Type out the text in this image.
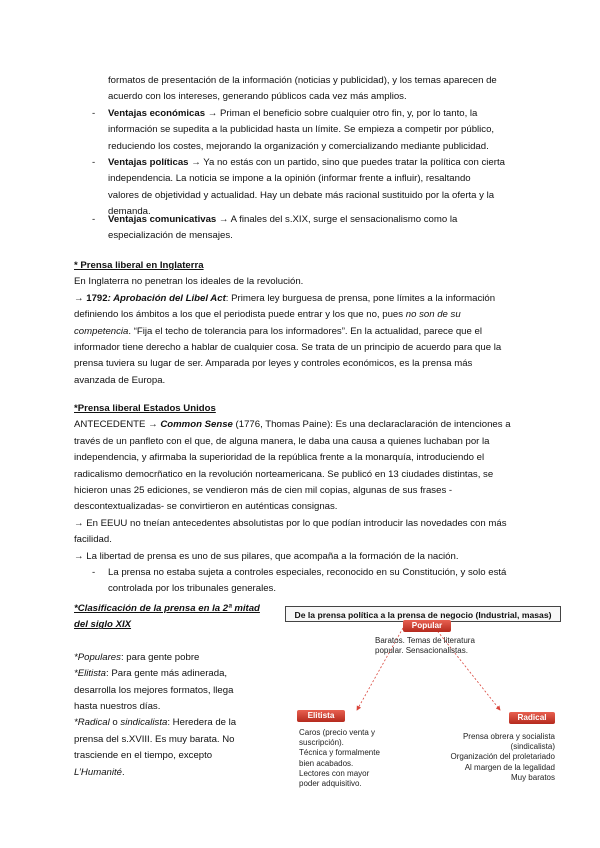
formatos de presentación de la información (noticias y publicidad), y los temas aparecen de
acuerdo con los intereses, generando públicos cada vez más amplios.
-	Ventajas económicas → Priman el beneficio sobre cualquier otro fin, y, por lo tanto, la
información se supedita a la publicidad hasta un límite. Se empieza a competir por público,
reduciendo los costes, mejorando la organización y comercializando mediante publicidad.
-	Ventajas políticas → Ya no estás con un partido, sino que puedes tratar la política con cierta
independencia. La noticia se impone a la opinión (informar frente a influir), resaltando
valores de objetividad y actualidad. Hay un debate más racional sustituido por la oferta y la
demanda.
-	Ventajas comunicativas → A finales del s.XIX, surge el sensacionalismo como la
especialización de mensajes.
* Prensa liberal en Inglaterra
En Inglaterra no penetran los ideales de la revolución.
→ 1792: Aprobación del Libel Act: Primera ley burguesa de prensa, pone límites a la información
definiendo los ámbitos a los que el periodista puede entrar y los que no, pues no son de su
competencia. “Fija el techo de tolerancia para los informadores”. En la actualidad, parece que el
informador tiene derecho a hablar de cualquier cosa. Se trata de un principio de acuerdo para que la
prensa tuviera su lugar de ser. Amparada por leyes y controles económicos, es la prensa más
avanzada de Europa.
*Prensa liberal Estados Unidos
ANTECEDENTE → Common Sense (1776, Thomas Paine): Es una declaraclaración de intenciones a
través de un panfleto con el que, de alguna manera, le daba una causa a quienes luchaban por la
independencia, y afirmaba la superioridad de la república frente a la monarquía, introduciendo el
radicalismo democrñatico en la revolución norteamericana. Se publicó en 13 ciudades distintas, se
hicieron unas 25 ediciones, se vendieron más de cien mil copias, algunas de sus frases -
descontextualizadas- se convirtieron en auténticas consignas.
→ En EEUU no tneían antecedentes absolutistas por lo que podían introducir las novedades con más
facilidad.
→ La libertad de prensa es uno de sus pilares, que acompaña a la formación de la nación.
- La prensa no estaba sujeta a controles especiales, reconocido en su Constitución, y solo está
controlada por los tribunales generales.
*Clasificación de la prensa en la 2ª mitad
del siglo XIX
*Populares: para gente pobre
*Elitista: Para gente más adinerada,
desarrolla los mejores formatos, llega
hasta nuestros días.
*Radical o sindicalista: Heredera de la
prensa del s.XVIII. Es muy barata. No
trasciende en el tiempo, excepto
L’Humanité.
De la prensa política a la prensa de negocio (Industrial, masas)
Popular
Baratos. Temas de literatura
popular. Sensacionalistas.
Elitista
Caros (precio venta y
suscripción).
Técnica y formalmente
bien acabados.
Lectores con mayor
poder adquisitivo.
Radical
Prensa obrera y socialista
(sindicalista)
Organización del proletariado
Al margen de la legalidad
Muy baratos
